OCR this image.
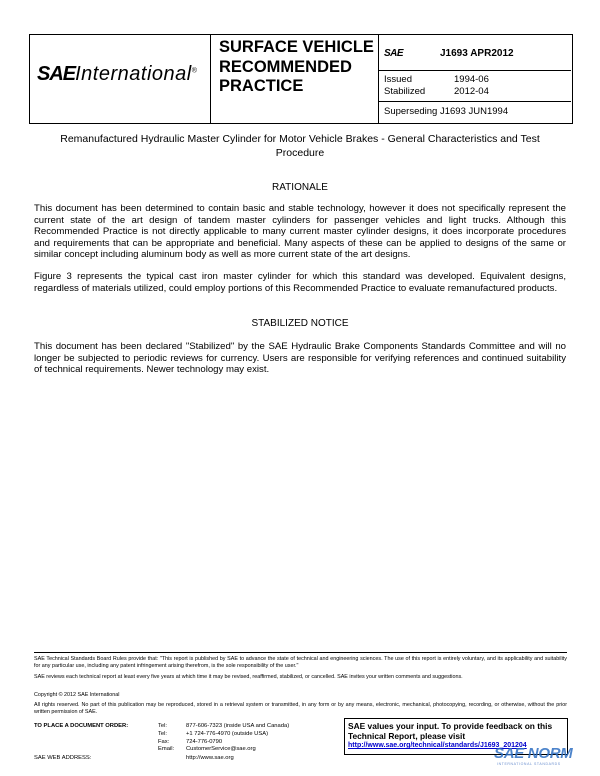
SAEInternational®
SURFACE VEHICLE RECOMMENDED PRACTICE
SAE	J1693 APR2012
Issued	1994-06
Stabilized	2012-04
Superseding J1693 JUN1994
Remanufactured Hydraulic Master Cylinder for Motor Vehicle Brakes - General Characteristics and Test Procedure
RATIONALE
This document has been determined to contain basic and stable technology, however it does not specifically represent the current state of the art design of tandem master cylinders for passenger vehicles and light trucks. Although this Recommended Practice is not directly applicable to many current master cylinder designs, it does incorporate procedures and requirements that can be appropriate and beneficial. Many aspects of these can be applied to designs of the same or similar concept including aluminum body as well as more current state of the art designs.
Figure 3 represents the typical cast iron master cylinder for which this standard was developed. Equivalent designs, regardless of materials utilized, could employ portions of this Recommended Practice to evaluate remanufactured products.
STABILIZED NOTICE
This document has been declared "Stabilized" by the SAE Hydraulic Brake Components Standards Committee and will no longer be subjected to periodic reviews for currency. Users are responsible for verifying references and continued suitability of technical requirements. Newer technology may exist.
SAE Technical Standards Board Rules provide that: "This report is published by SAE to advance the state of technical and engineering sciences. The use of this report is entirely voluntary, and its applicability and suitability for any particular use, including any patent infringement arising therefrom, is the sole responsibility of the user."
SAE reviews each technical report at least every five years at which time it may be revised, reaffirmed, stabilized, or cancelled. SAE invites your written comments and suggestions.
Copyright © 2012 SAE International
All rights reserved. No part of this publication may be reproduced, stored in a retrieval system or transmitted, in any form or by any means, electronic, mechanical, photocopying, recording, or otherwise, without the prior written permission of SAE.
TO PLACE A DOCUMENT ORDER:	Tel:	877-606-7323 (inside USA and Canada)
Tel:	+1 724-776-4970 (outside USA)
Fax:	724-776-0790
Email:	CustomerService@sae.org
SAE WEB ADDRESS:	http://www.sae.org
SAE values your input. To provide feedback on this Technical Report, please visit
http://www.sae.org/technical/standards/J1693_201204
SAE NORM
INTERNATIONAL STANDARDS
